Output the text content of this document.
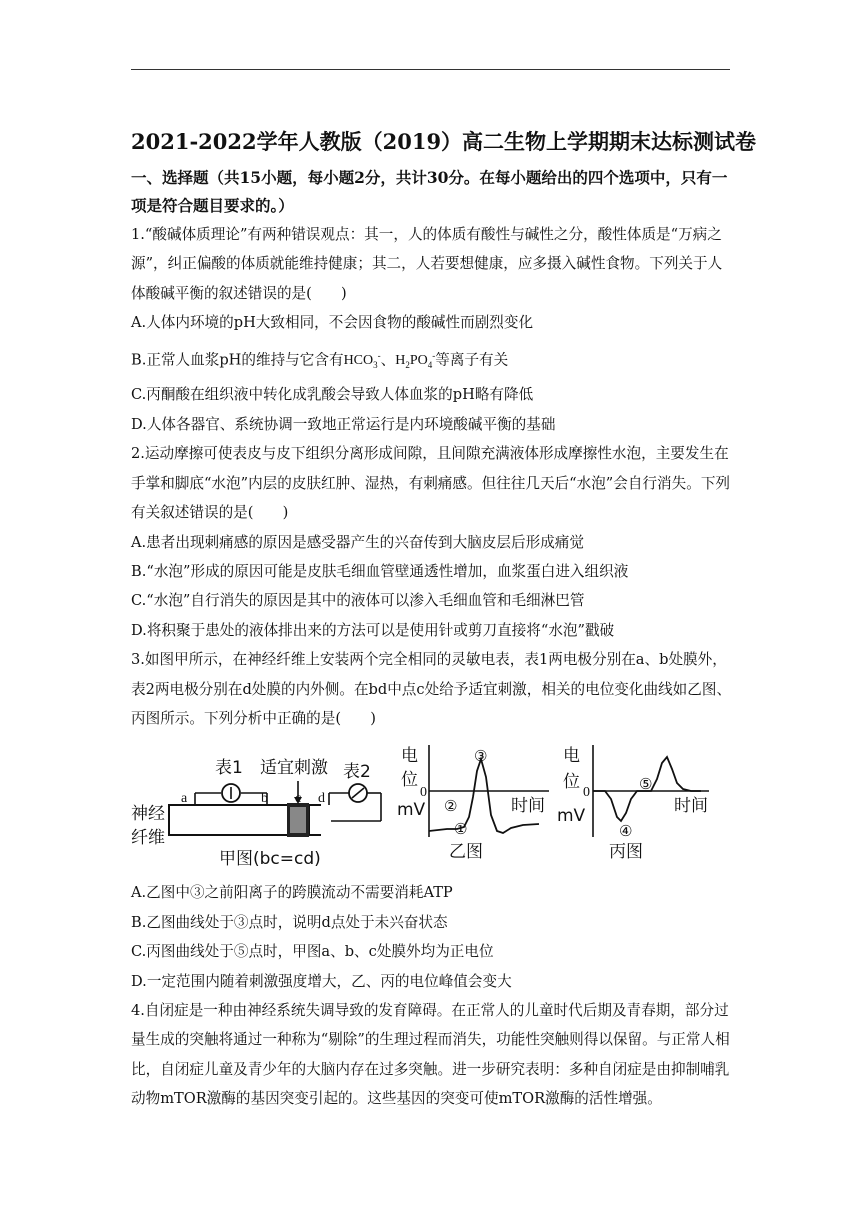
2021-2022学年人教版（2019）高二生物上学期期末达标测试卷
一、选择题（共15小题，每小题2分，共计30分。在每小题给出的四个选项中，只有一项是符合题目要求的。）

1.“酸碱体质理论”有两种错误观点：其一，人的体质有酸性与碱性之分，酸性体质是“万病之源”，纠正偏酸的体质就能维持健康；其二，人若要想健康，应多摄入碱性食物。下列关于人体酸碱平衡的叙述错误的是(　　)

A.人体内环境的pH大致相同，不会因食物的酸碱性而剧烈变化

B.正常人血浆pH的维持与它含有$HCO_3^-$、$H_2PO_4^-$等离子有关

C.丙酮酸在组织液中转化成乳酸会导致人体血浆的pH略有降低

D.人体各器官、系统协调一致地正常运行是内环境酸碱平衡的基础

2.运动摩擦可使表皮与皮下组织分离形成间隙，且间隙充满液体形成摩擦性水泡，主要发生在手掌和脚底“水泡”内层的皮肤红肿、湿热，有刺痛感。但往往几天后“水泡”会自行消失。下列有关叙述错误的是(　　)

A.患者出现刺痛感的原因是感受器产生的兴奋传到大脑皮层后形成痛觉

B.“水泡”形成的原因可能是皮肤毛细血管壁通透性增加，血浆蛋白进入组织液

C.“水泡”自行消失的原因是其中的液体可以渗入毛细血管和毛细淋巴管

D.将积聚于患处的液体排出来的方法可以是使用针或剪刀直接将“水泡”戳破

3.如图甲所示，在神经纤维上安装两个完全相同的灵敏电表，表1两电极分别在a、b处膜外，表2两电极分别在d处膜的内外侧。在bd中点c处给予适宜刺激，相关的电位变化曲线如乙图、丙图所示。下列分析中正确的是(　　)

表1 适宜刺激 表2
a	b c d
神经
纤维
甲图(bc=cd)
电
位
0
mV
③
②
①
时间
乙图
电
位
0
mV
⑤
④
时间
丙图

A.乙图中③之前阳离子的跨膜流动不需要消耗ATP

B.乙图曲线处于③点时，说明d点处于未兴奋状态

C.丙图曲线处于⑤点时，甲图a、b、c处膜外均为正电位

D.一定范围内随着刺激强度增大，乙、丙的电位峰值会变大

4.自闭症是一种由神经系统失调导致的发育障碍。在正常人的儿童时代后期及青春期，部分过量生成的突触将通过一种称为“剔除”的生理过程而消失，功能性突触则得以保留。与正常人相比，自闭症儿童及青少年的大脑内存在过多突触。进一步研究表明：多种自闭症是由抑制哺乳动物mTOR激酶的基因突变引起的。这些基因的突变可使mTOR激酶的活性增强。
